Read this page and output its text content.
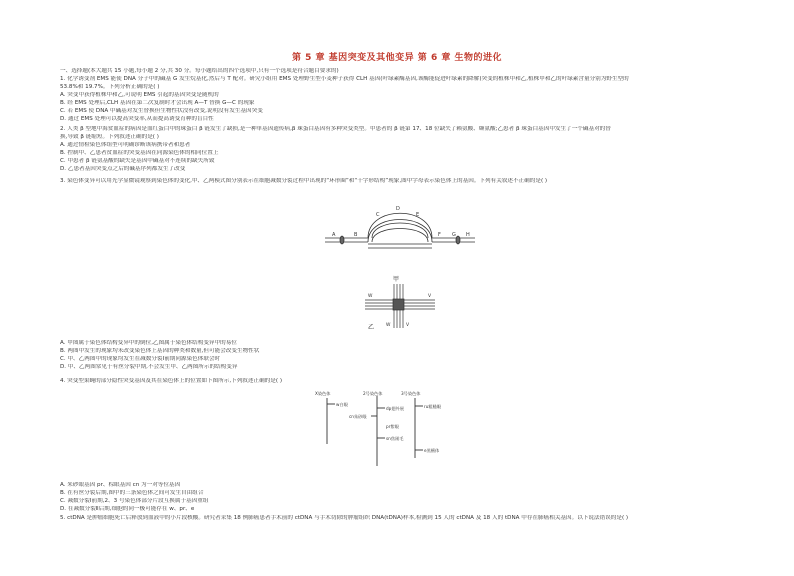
第 5 章 基因突变及其他变异 第 6 章 生物的进化
一、选择题(本大题共 15 小题,每小题 2 分,共 30 分。每小题给出的四个选项中,只有一个选项是符合题目要求的)
1. 化学诱变剂 EMS 能使 DNA 分子中的碱基 G 发生烷基化,然后与 T 配对。研究小组用 EMS 处理野生型小麦种子获得 CLH 基因(叶绿素酶基因,该酶能促进叶绿素的降解)突变的植株甲和乙,植株甲和乙的叶绿素含量分别为野生型的
53.8%和 19.7%。下列分析正确的是( )
A. 突变中获得植株甲和乙,可说明 EMS 引起的基因突变是随机的
B. 经 EMS 处理后,CLH 基因在第二次复制时才会出现 A—T 替换 G—C 的现象
C. 若 EMS 使 DNA 中碱基对发生替换但生物性状没有改变,说明没有发生基因突变
D. 通过 EMS 处理可以提高突变率,从而提高诱变育种的盲目性
2. 人类 β 型地中海贫血症的病因是血红蛋白中的珠蛋白 β 链发生了缺损,是一种单基因遗传病,β 珠蛋白基因有多种突变类型。甲患者的 β 链第 17、18 位缺失了赖氨酸、缬氨酸;乙患者 β 珠蛋白基因中发生了一个碱基对的替
换,导致 β 链缩短。下列叙述正确的是( )
A. 通过情检染色体组型可明确诊断该病携带者和患者
B. 控制甲、乙患者贫血症的突变基因在同源染色体的相同位置上
C. 甲患者 β 链氨基酸的缺失是基因中碱基对不连续的缺失所致
D. 乙患者基因突变点之后的碱基序列都发生了改变
3. 染色体变异可以用光学显微镜观察到染色体的变化,甲、乙两模式图分别表示在细胞减数分裂过程中出现的“环形圈”和“十字形结构”现象,图中字母表示染色体上的基因。下列有关叙述不正确的是( )
A	B
C
D
E
F G H
甲
W	V
W	V
乙
A. 甲图属于染色体结构变异中的倒位,乙图属于染色体结构变异中的易位
B. 两图中发生的现象均未改变染色体上基因的种类和数量,但可能会改变生物性状
C. 甲、乙两图中的现象均发生在减数分裂Ⅰ前期同源染色体联会时
D. 甲、乙两图常见于有丝分裂中期,不会发生甲、乙两图所示的结构变异
4. 突变型果蝇的部分隐性突变基因及其在染色体上的位置如下图所示,下列叙述正确的是( )
X染色体	2号染色体	3号染色体
w白眼
dp翅外展
cn朱砂眼
sn焦刚毛
e黑檀体
ru粗糙眼
pr紫眼
A. 朱砂眼基因 pr、棕眼基因 cn 为一对等位基因
B. 在有丝分裂后期,图中的三条染色体之间可发生自由组合
C. 减数分裂Ⅰ前期,2、3 号染色体部分片段互换属于基因重组
D. 在减数分裂Ⅱ后期,细胞的同一极可能存在 w、pr、e
5. ctDNA 是肿瘤细胞死亡后释放到血液中的小片段核酸。研究者采集 18 例肺癌患者手术前的 ctDNA 与手术切除的肿瘤组织 DNA(tDNA)样本,检测到 15 人的 ctDNA 及 18 人的 tDNA 中存在肺癌相关基因。以下说法错误的是( )
